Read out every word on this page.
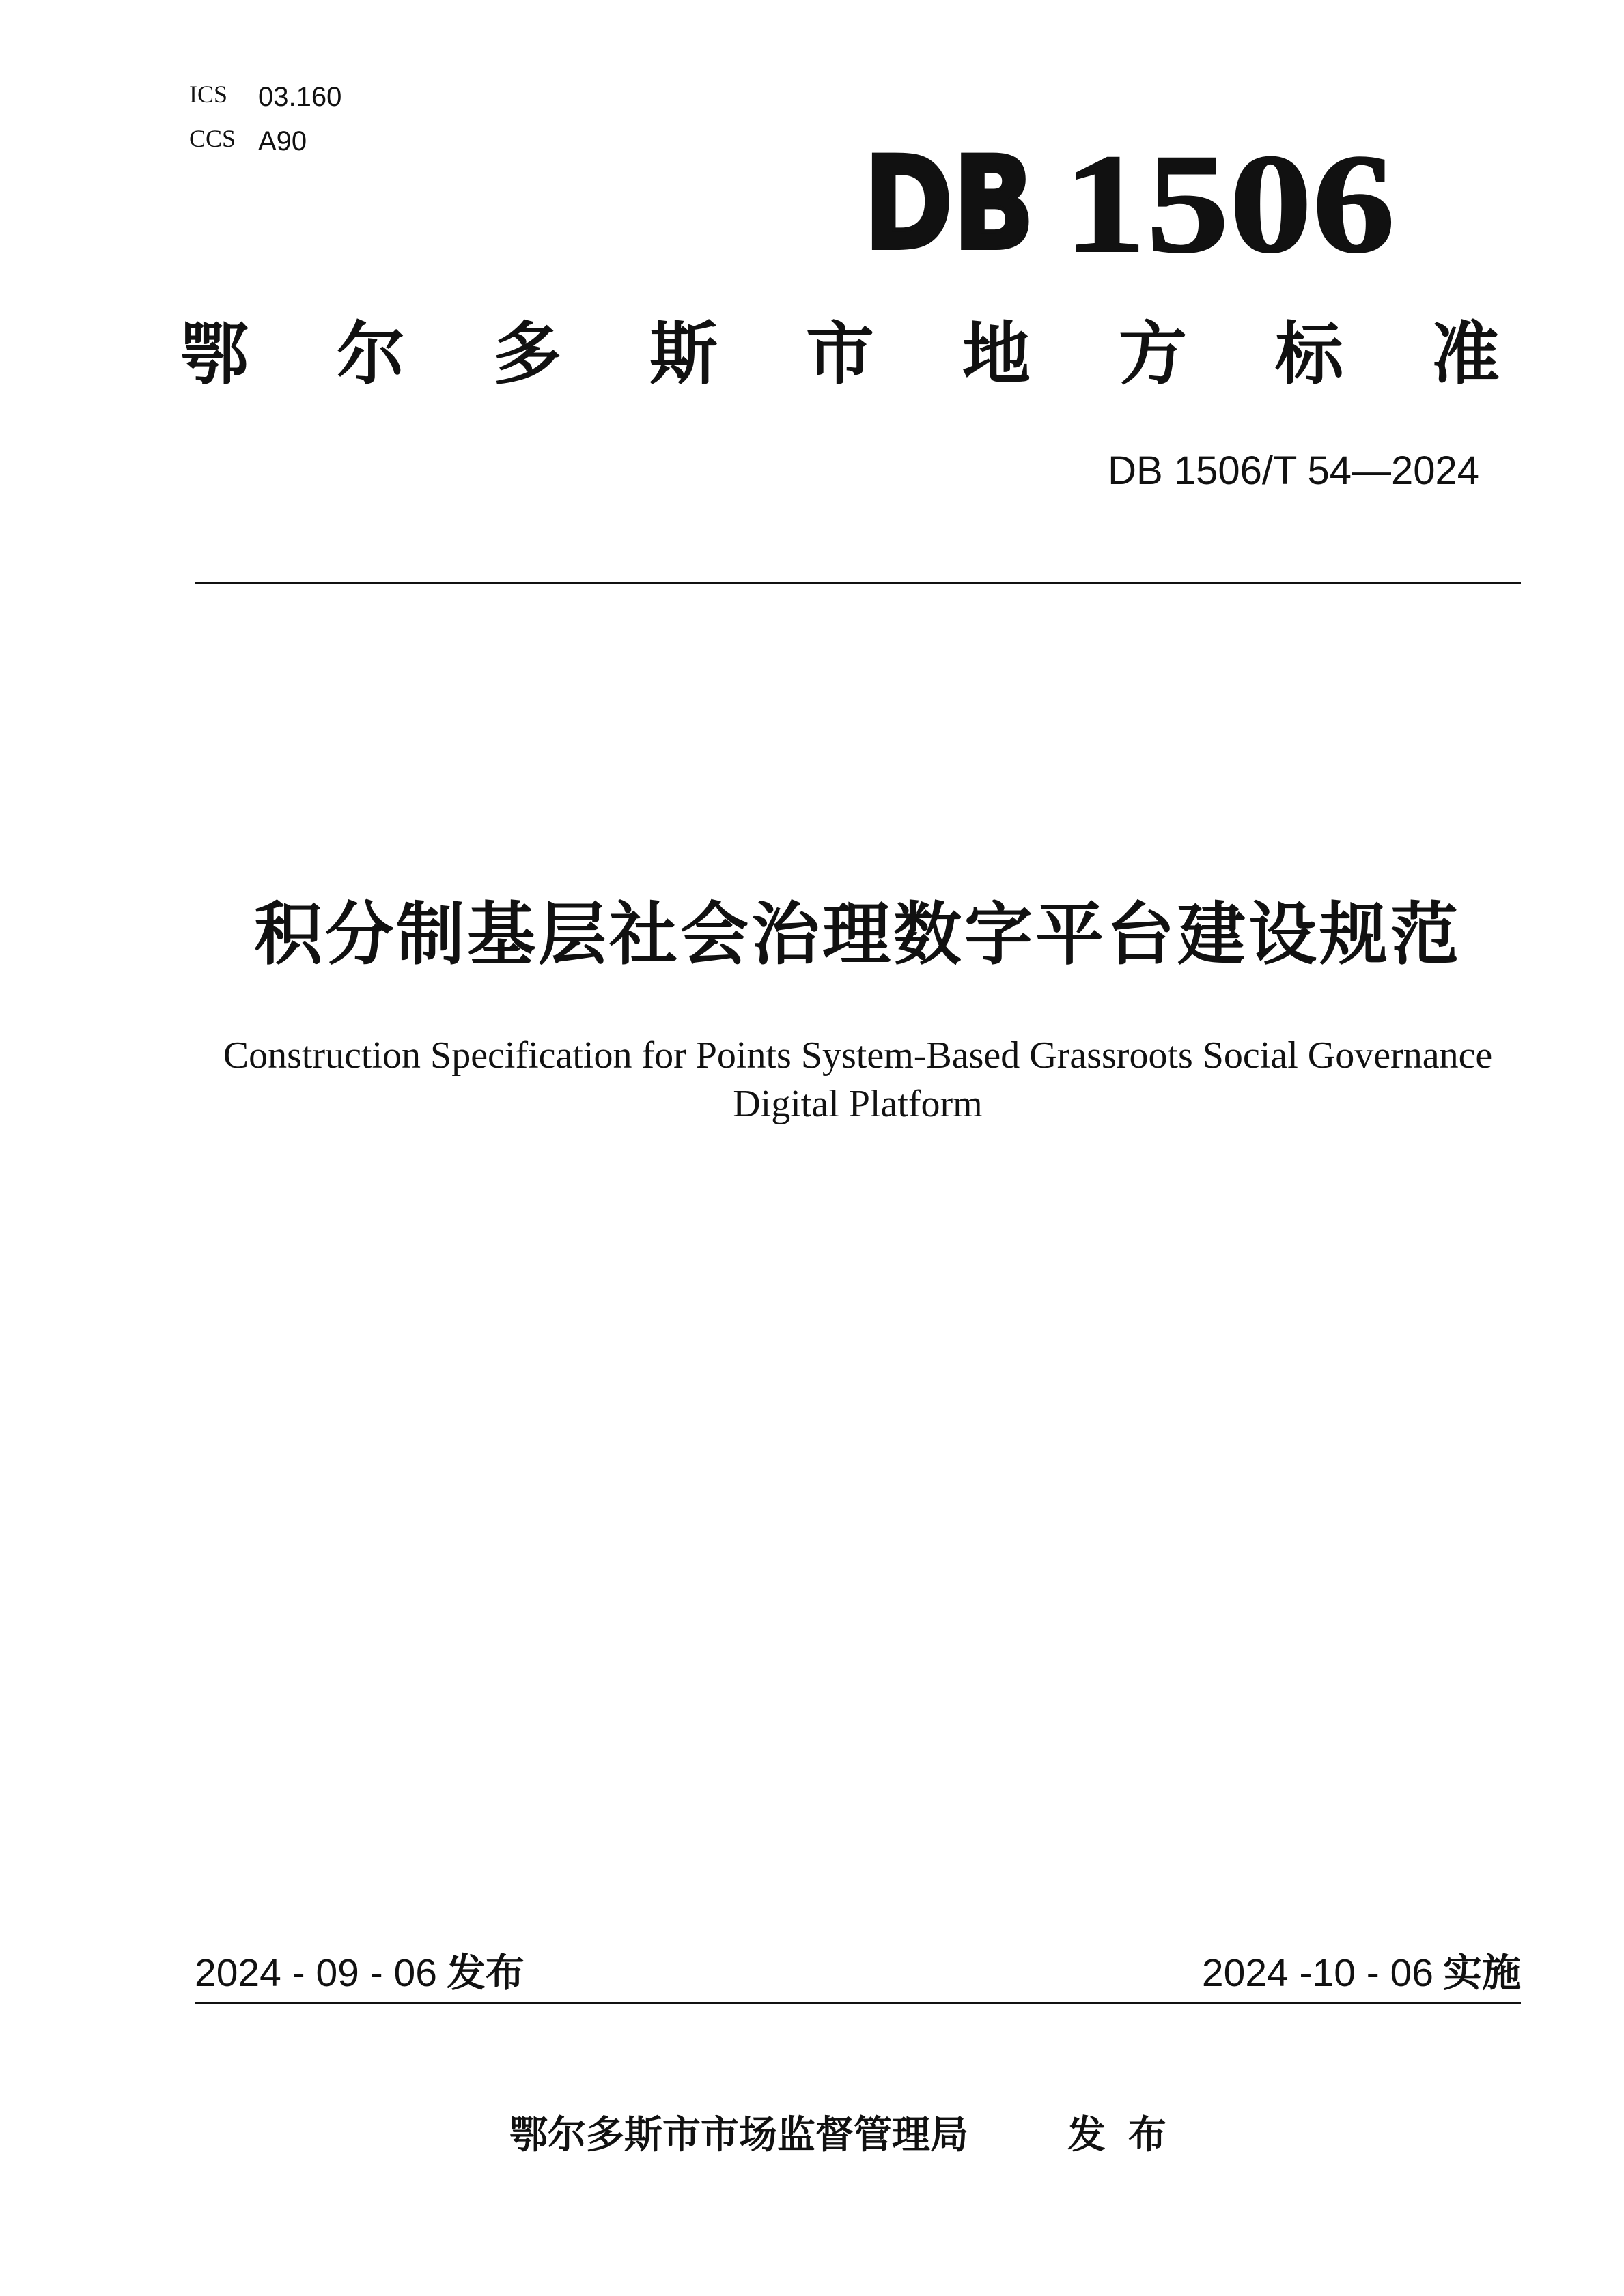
ICS 03.160
CCS A90	DB 1506
鄂尔多斯市地方标准
DB 1506/T 54—2024
积分制基层社会治理数字平台建设规范
Construction Specification for Points System-Based Grassroots Social Governance
Digital Platform
2024 - 09 - 06 发布	2024 -10 - 06 实施
鄂尔多斯市市场监督管理局	发布
